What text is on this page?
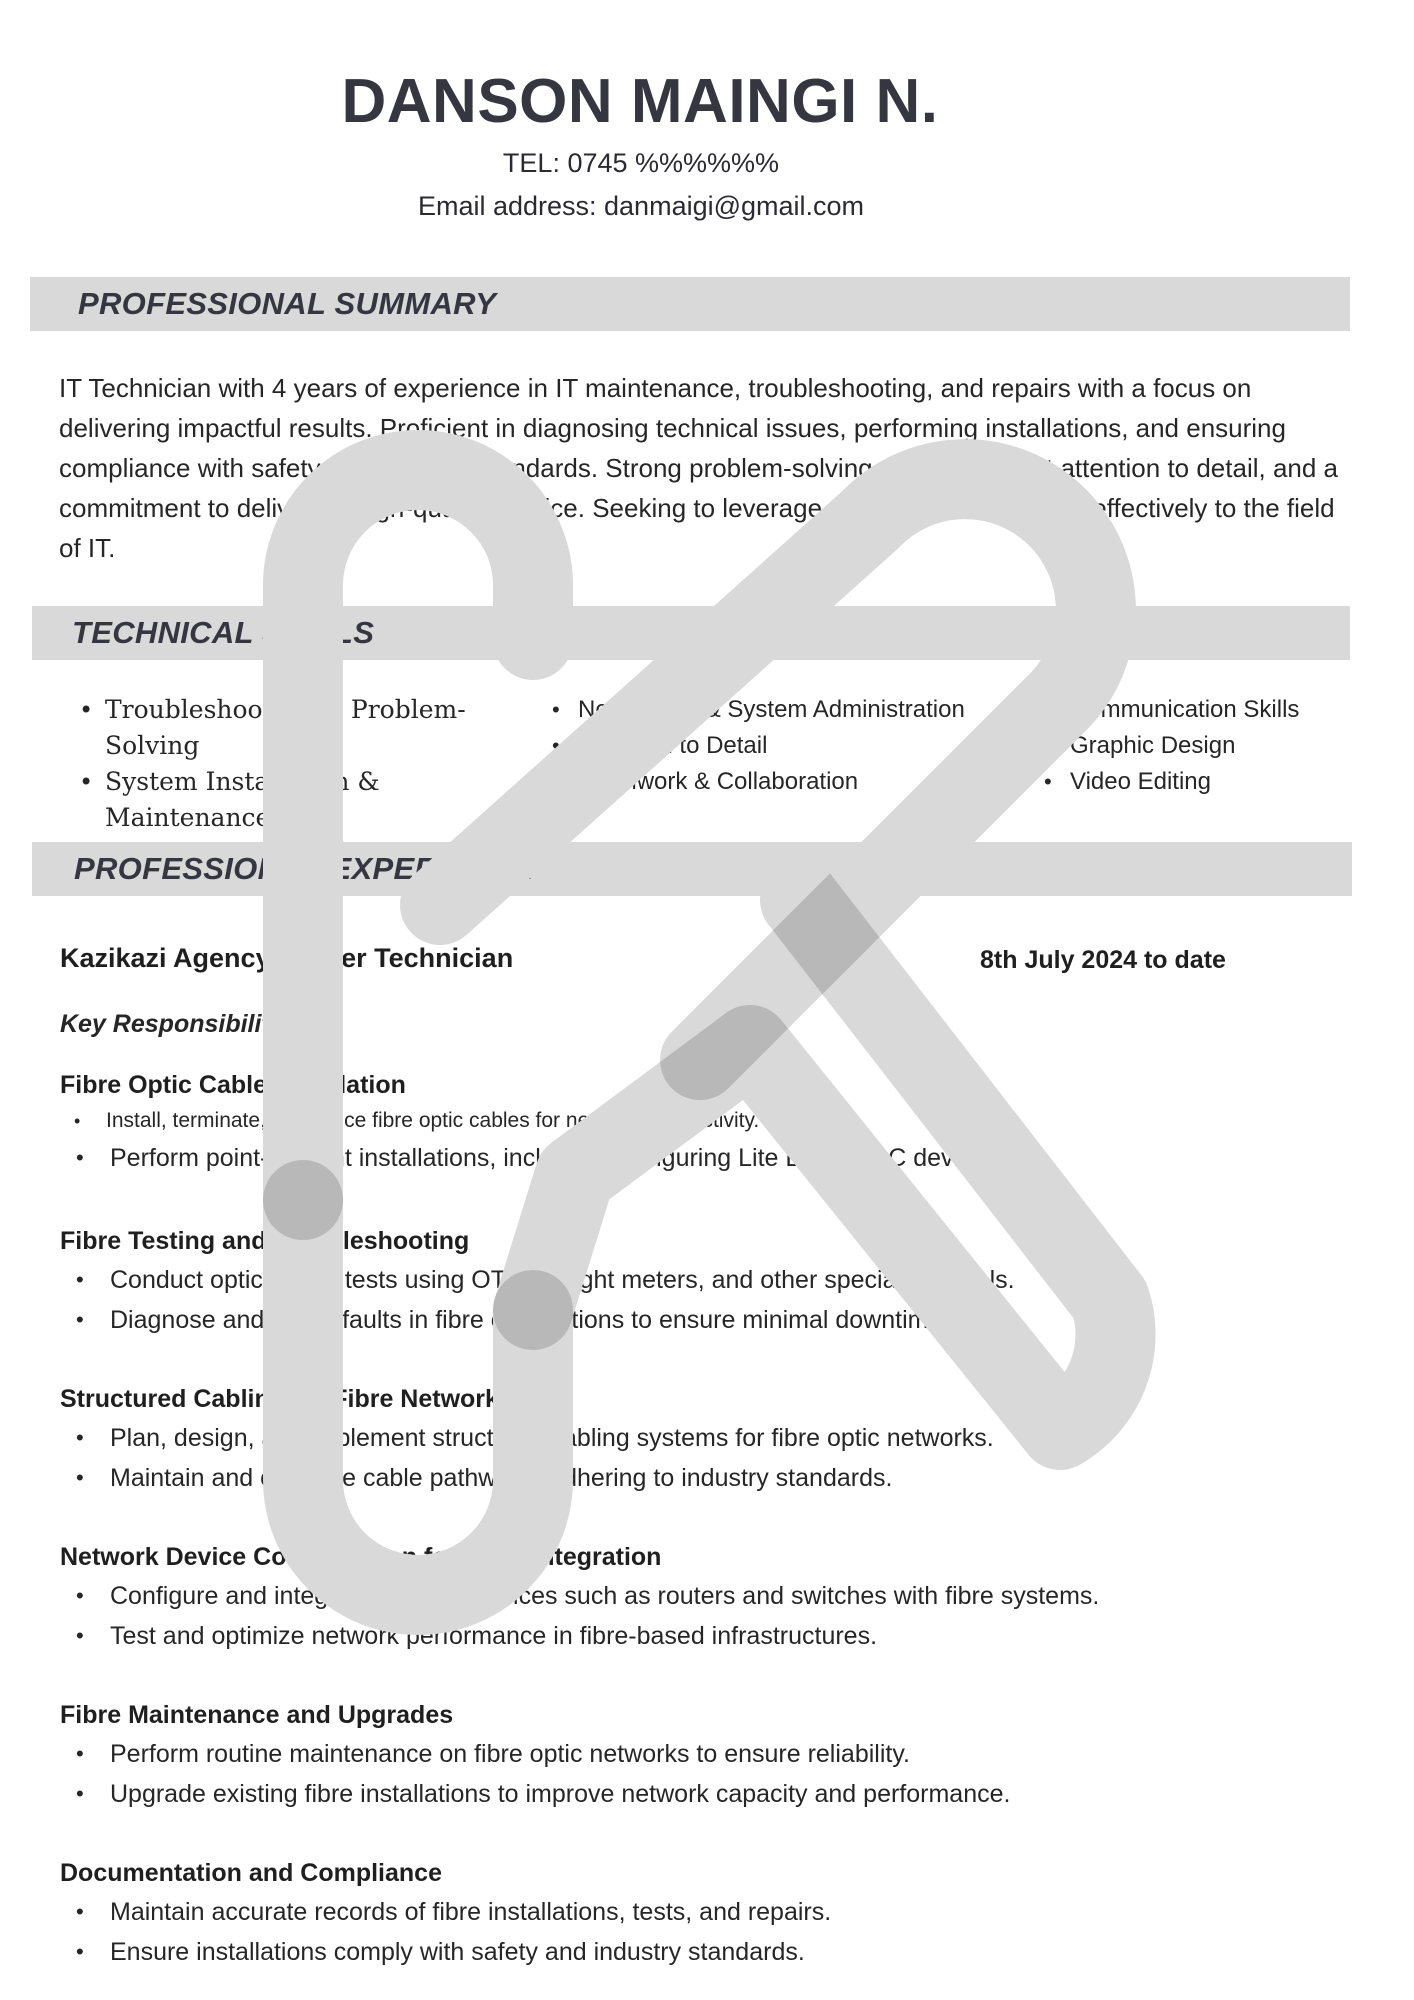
DANSON MAINGI N.
TEL: 0745 %%%%%%
Email address: danmaigi@gmail.com
PROFESSIONAL SUMMARY

IT Technician with 4 years of experience in IT maintenance, troubleshooting, and repairs with a focus on delivering impactful results. Proficient in diagnosing technical issues, performing installations, and ensuring compliance with safety and industry standards. Strong problem-solving skills, excellent attention to detail, and a commitment to delivering high-quality service. Seeking to leverage expertise to contribute effectively to the field of IT.

TECHNICAL SKILLS
• Troubleshooting & Problem-Solving
• System Installation & Maintenance
• Networking & System Administration
• Attention to Detail
• Teamwork & Collaboration
• Communication Skills
• Graphic Design
• Video Editing
PROFESSIONAL EXPERIENCE
Kazikazi Agency  | Fiber Technician	8th July 2024 to date
Key Responsibilities
Fibre Optic Cable Installation
• Install, terminate, and splice fibre optic cables for network connectivity.
• Perform point-to-point installations, including configuring Lite Beam 5AC devices.
Fibre Testing and Troubleshooting
• Conduct optical fibre tests using OTDRs, light meters, and other specialized tools.
• Diagnose and repair faults in fibre connections to ensure minimal downtime.
Structured Cabling for Fibre Networks
• Plan, design, and implement structured cabling systems for fibre optic networks.
• Maintain and organize cable pathways, adhering to industry standards.
Network Device Configuration for Fibre Integration
• Configure and integrate network devices such as routers and switches with fibre systems.
• Test and optimize network performance in fibre-based infrastructures.
Fibre Maintenance and Upgrades
• Perform routine maintenance on fibre optic networks to ensure reliability.
• Upgrade existing fibre installations to improve network capacity and performance.
Documentation and Compliance
• Maintain accurate records of fibre installations, tests, and repairs.
• Ensure installations comply with safety and industry standards.
